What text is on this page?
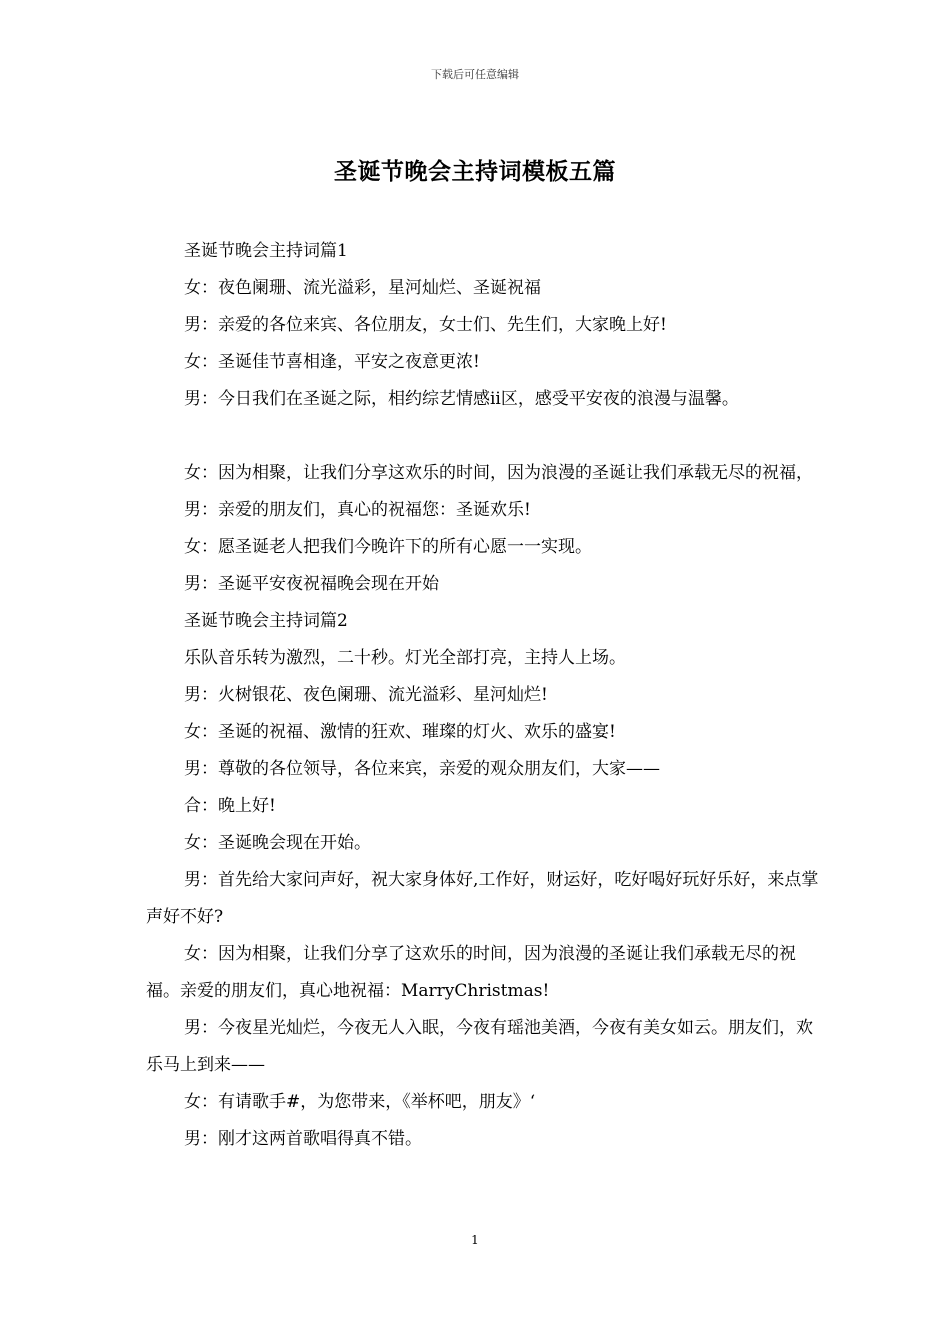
下载后可任意编辑
圣诞节晚会主持词模板五篇

圣诞节晚会主持词篇1

女：夜色阑珊、流光溢彩，星河灿烂、圣诞祝福

男：亲爱的各位来宾、各位朋友，女士们、先生们，大家晚上好!

女：圣诞佳节喜相逢，平安之夜意更浓!

男：今日我们在圣诞之际，相约综艺情感ii区，感受平安夜的浪漫与温馨。

女：因为相聚，让我们分享这欢乐的时间，因为浪漫的圣诞让我们承载无尽的祝福，

男：亲爱的朋友们，真心的祝福您：圣诞欢乐!

女：愿圣诞老人把我们今晚许下的所有心愿一一实现。

男：圣诞平安夜祝福晚会现在开始

圣诞节晚会主持词篇2

乐队音乐转为激烈，二十秒。灯光全部打亮，主持人上场。

男：火树银花、夜色阑珊、流光溢彩、星河灿烂!

女：圣诞的祝福、激情的狂欢、璀璨的灯火、欢乐的盛宴!

男：尊敬的各位领导，各位来宾，亲爱的观众朋友们，大家——

合：晚上好!

女：圣诞晚会现在开始。

男：首先给大家问声好，祝大家身体好,工作好，财运好，吃好喝好玩好乐好，来点掌声好不好?

女：因为相聚，让我们分享了这欢乐的时间，因为浪漫的圣诞让我们承载无尽的祝福。亲爱的朋友们，真心地祝福：MarryChristmas!

男：今夜星光灿烂，今夜无人入眠，今夜有瑶池美酒，今夜有美女如云。朋友们，欢乐马上到来——

女：有请歌手#，为您带来，《举杯吧，朋友》‘

男：刚才这两首歌唱得真不错。

1
